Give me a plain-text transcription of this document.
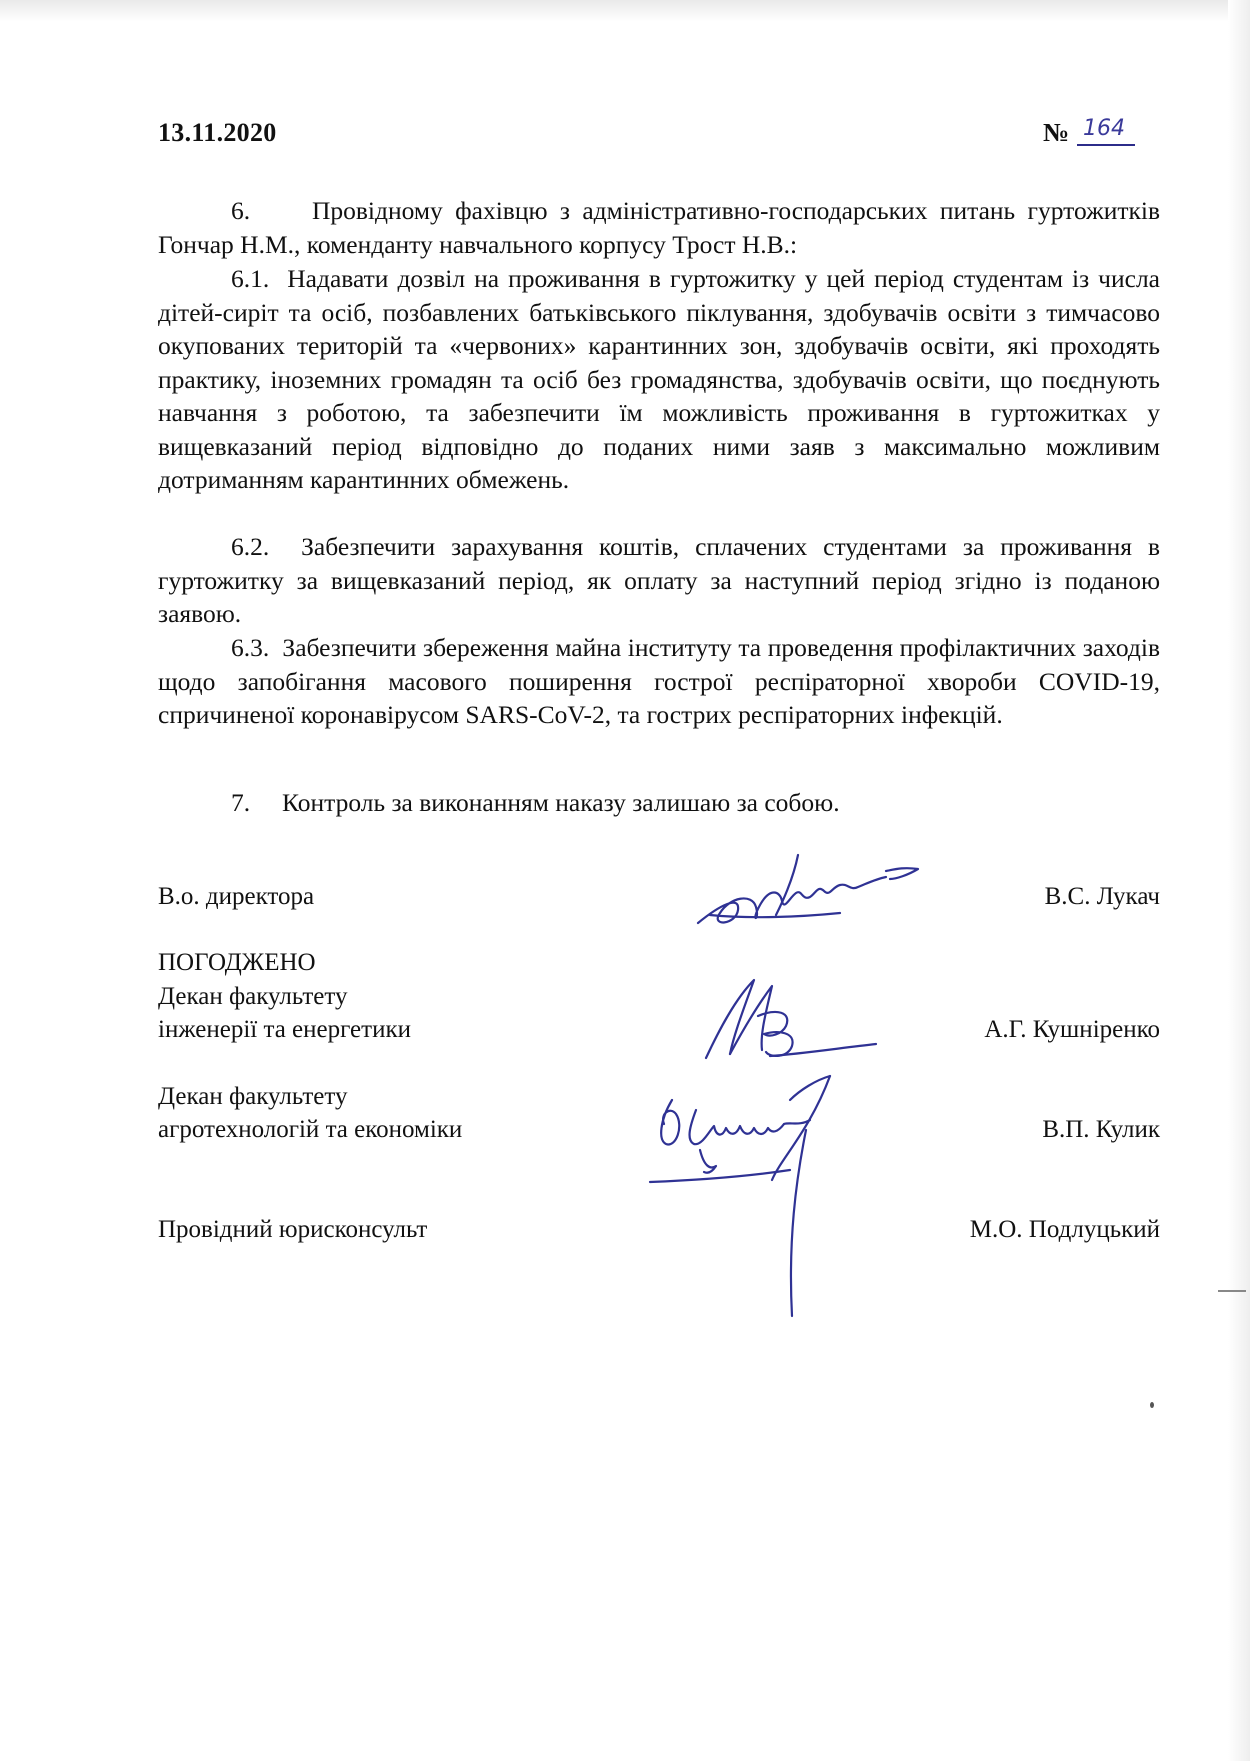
13.11.2020	№ 164

6.     Провідному фахівцю з адміністративно-господарських питань гуртожитків Гончар Н.М., коменданту навчального корпусу Трост Н.В.:

6.1.  Надавати дозвіл на проживання в гуртожитку у цей період студентам із числа дітей-сиріт та осіб, позбавлених батьківського піклування, здобувачів освіти з тимчасово окупованих територій та «червоних» карантинних зон, здобувачів освіти, які проходять практику, іноземних громадян та осіб без громадянства, здобувачів освіти, що поєднують навчання з роботою, та забезпечити їм можливість проживання в гуртожитках у вищевказаний період відповідно до поданих ними заяв з максимально можливим дотриманням карантинних обмежень.

6.2.  Забезпечити зарахування коштів, сплачених студентами за проживання в гуртожитку за вищевказаний період, як оплату за наступний період згідно із поданою заявою.

6.3.  Забезпечити збереження майна інституту та проведення профілактичних заходів щодо запобігання масового поширення гострої респіраторної хвороби COVID-19, спричиненої коронавірусом SARS-CoV-2, та гострих респіраторних інфекцій.

7.     Контроль за виконанням наказу залишаю за собою.

В.о. директора	В.С. Лукач
ПОГОДЖЕНО
Декан факультету
інженерії та енергетики	А.Г. Кушніренко
Декан факультету
агротехнологій та економіки	В.П. Кулик
Провідний юрисконсульт	М.О. Подлуцький
